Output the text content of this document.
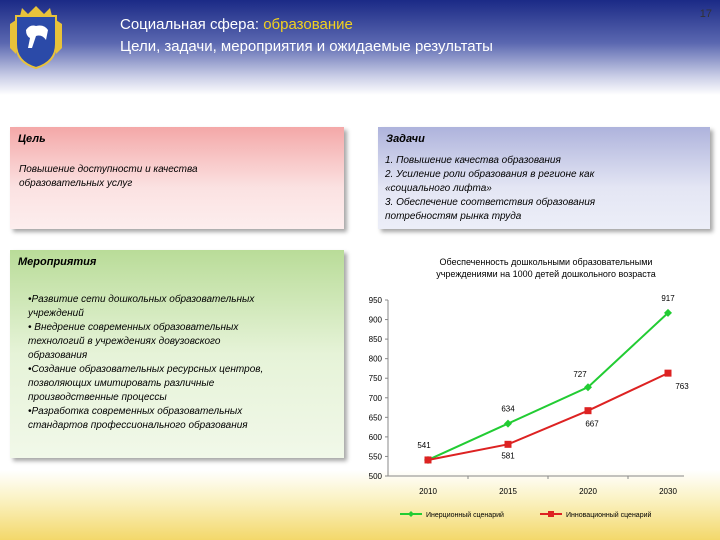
17
Социальная сфера: образование
Цели, задачи, мероприятия и ожидаемые результаты
Цель
Повышение доступности и качества
образовательных услуг
Задачи
1. Повышение качества образования
2. Усиление роли образования в регионе как
«социального лифта»
3. Обеспечение соответствия образования
потребностям рынка труда
Мероприятия
•Развитие сети дошкольных образовательных
учреждений
• Внедрение современных образовательных
технологий в учреждениях довузовского
образования
•Создание образовательных ресурсных центров,
позволяющих имитировать различные
производственные процессы
•Разработка современных образовательных
стандартов профессионального образования
Обеспеченность дошкольными образовательными
учреждениями на 1000 детей дошкольного возраста
950
900
850
800
750
700
650
600
550
500
2010	2015	2020	2030
541
634
727
917
581
667
763
Инерционный сценарий	Инновационный сценарий
